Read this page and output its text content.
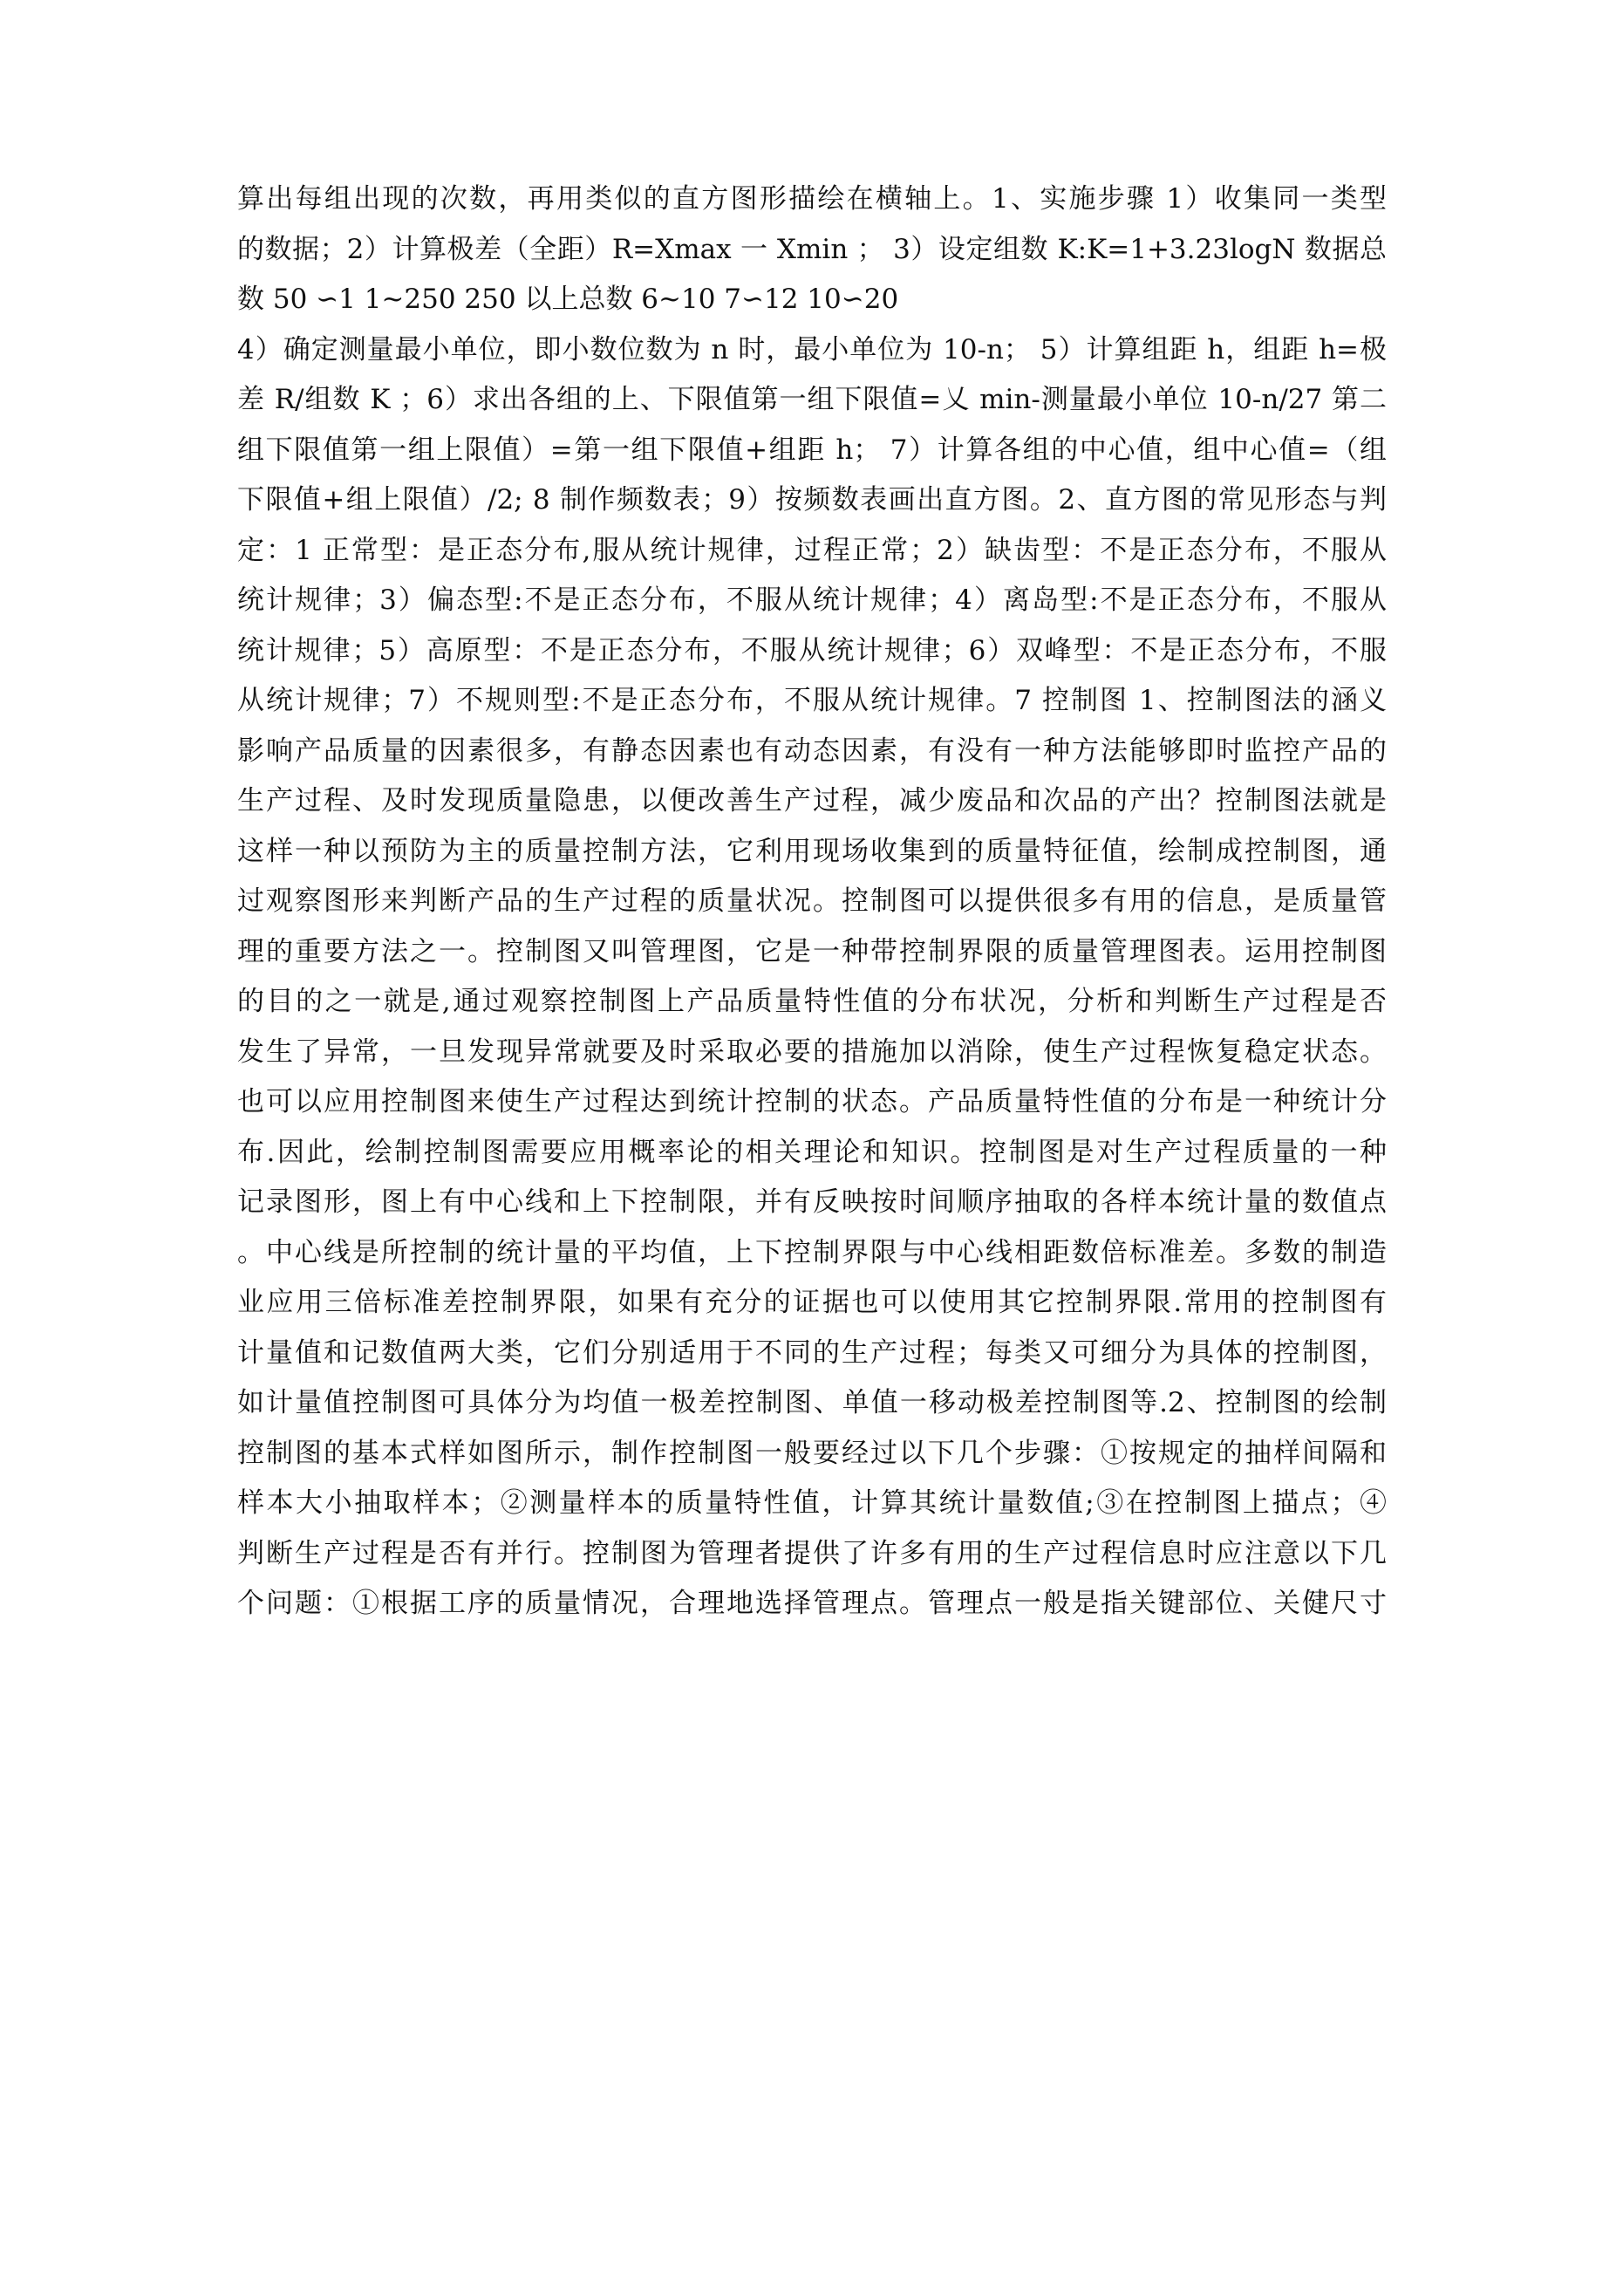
算出每组出现的次数，再用类似的直方图形描绘在横轴上。1、实施步骤 1）收集同一类型
的数据；2）计算极差（全距）R=Xmax 一 Xmin ； 3）设定组数 K:K=1+3.23logN 数据总
数 50 ∽1 1~250 250 以上总数 6~10 7∽12 10∽20
4）确定测量最小单位，即小数位数为 n 时，最小单位为 10-n； 5）计算组距 h，组距 h=极
差 R/组数 K ；6）求出各组的上、下限值第一组下限值=乂 min-测量最小单位 10-n/27 第二
组下限值第一组上限值）=第一组下限值+组距 h； 7）计算各组的中心值，组中心值=（组
下限值+组上限值）/2; 8 制作频数表；9）按频数表画出直方图。2、直方图的常见形态与判
定：1 正常型：是正态分布,服从统计规律，过程正常；2）缺齿型：不是正态分布，不服从
统计规律；3）偏态型:不是正态分布，不服从统计规律；4）离岛型:不是正态分布，不服从
统计规律；5）高原型：不是正态分布，不服从统计规律；6）双峰型：不是正态分布，不服
从统计规律；7）不规则型:不是正态分布，不服从统计规律。7 控制图 1、控制图法的涵义
影响产品质量的因素很多，有静态因素也有动态因素，有没有一种方法能够即时监控产品的
生产过程、及时发现质量隐患，以便改善生产过程，减少废品和次品的产出？控制图法就是
这样一种以预防为主的质量控制方法，它利用现场收集到的质量特征值，绘制成控制图，通
过观察图形来判断产品的生产过程的质量状况。控制图可以提供很多有用的信息，是质量管
理的重要方法之一。控制图又叫管理图，它是一种带控制界限的质量管理图表。运用控制图
的目的之一就是,通过观察控制图上产品质量特性值的分布状况，分析和判断生产过程是否
发生了异常，一旦发现异常就要及时采取必要的措施加以消除，使生产过程恢复稳定状态。
也可以应用控制图来使生产过程达到统计控制的状态。产品质量特性值的分布是一种统计分
布.因此，绘制控制图需要应用概率论的相关理论和知识。控制图是对生产过程质量的一种
记录图形，图上有中心线和上下控制限，并有反映按时间顺序抽取的各样本统计量的数值点
。中心线是所控制的统计量的平均值，上下控制界限与中心线相距数倍标准差。多数的制造
业应用三倍标准差控制界限，如果有充分的证据也可以使用其它控制界限.常用的控制图有
计量值和记数值两大类，它们分别适用于不同的生产过程；每类又可细分为具体的控制图，
如计量值控制图可具体分为均值一极差控制图、单值一移动极差控制图等.2、控制图的绘制
控制图的基本式样如图所示，制作控制图一般要经过以下几个步骤：①按规定的抽样间隔和
样本大小抽取样本；②测量样本的质量特性值，计算其统计量数值;③在控制图上描点；④
判断生产过程是否有并行。控制图为管理者提供了许多有用的生产过程信息时应注意以下几
个问题：①根据工序的质量情况，合理地选择管理点。管理点一般是指关键部位、关健尺寸
